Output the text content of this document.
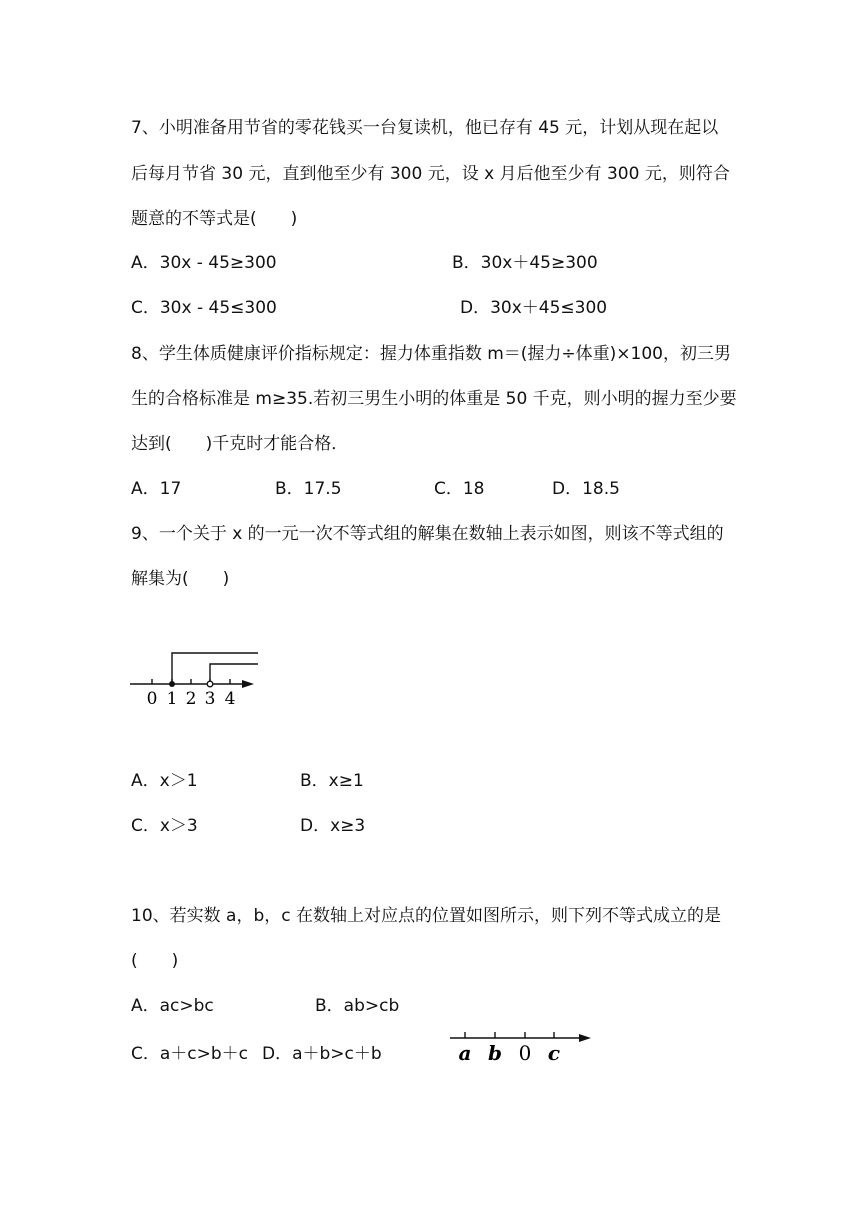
7、小明准备用节省的零花钱买一台复读机，他已存有 45 元，计划从现在起以
后每月节省 30 元，直到他至少有 300 元，设 x 月后他至少有 300 元，则符合
题意的不等式是(　　)
A．30x - 45≥300	B．30x＋45≥300
C．30x - 45≤300	D．30x＋45≤300
8、学生体质健康评价指标规定：握力体重指数 m＝(握力÷体重)×100，初三男
生的合格标准是 m≥35.若初三男生小明的体重是 50 千克，则小明的握力至少要
达到(　　)千克时才能合格．
A．17	B．17.5	C．18	D．18.5
9、一个关于 x 的一元一次不等式组的解集在数轴上表示如图，则该不等式组的
解集为(　　)
0 1 2 3 4
A．x＞1	B．x≥1
C．x＞3	D．x≥3
10、若实数 a，b，c 在数轴上对应点的位置如图所示，则下列不等式成立的是
(　　)
A．ac>bc	B．ab>cb
C．a＋c>b＋c D．a＋b>c＋b	a b 0 c
